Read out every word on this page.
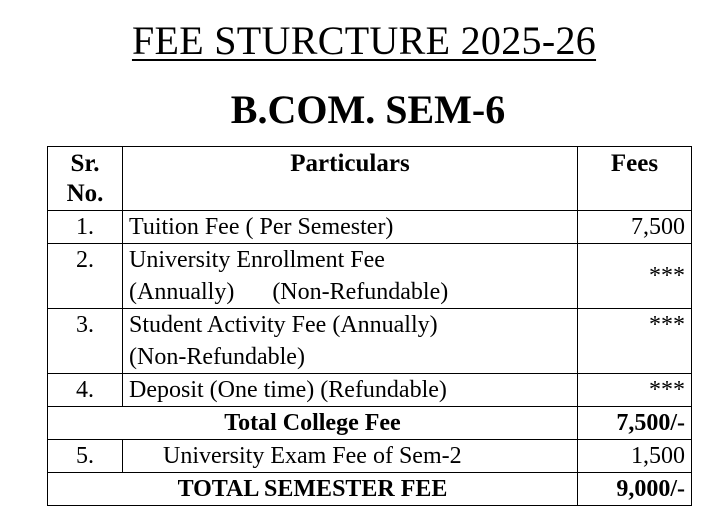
FEE STURCTURE 2025-26
B.COM. SEM-6
Sr.
No.	Particulars	Fees
1.	Tuition Fee ( Per Semester)	7,500
2.	University Enrollment Fee
(Annually) (Non-Refundable)	***
3.	Student Activity Fee (Annually)
(Non-Refundable)	***
4.	Deposit (One time) (Refundable)	***
Total College Fee		7,500/-
5.	University Exam Fee of Sem-2	1,500
TOTAL SEMESTER FEE		9,000/-
